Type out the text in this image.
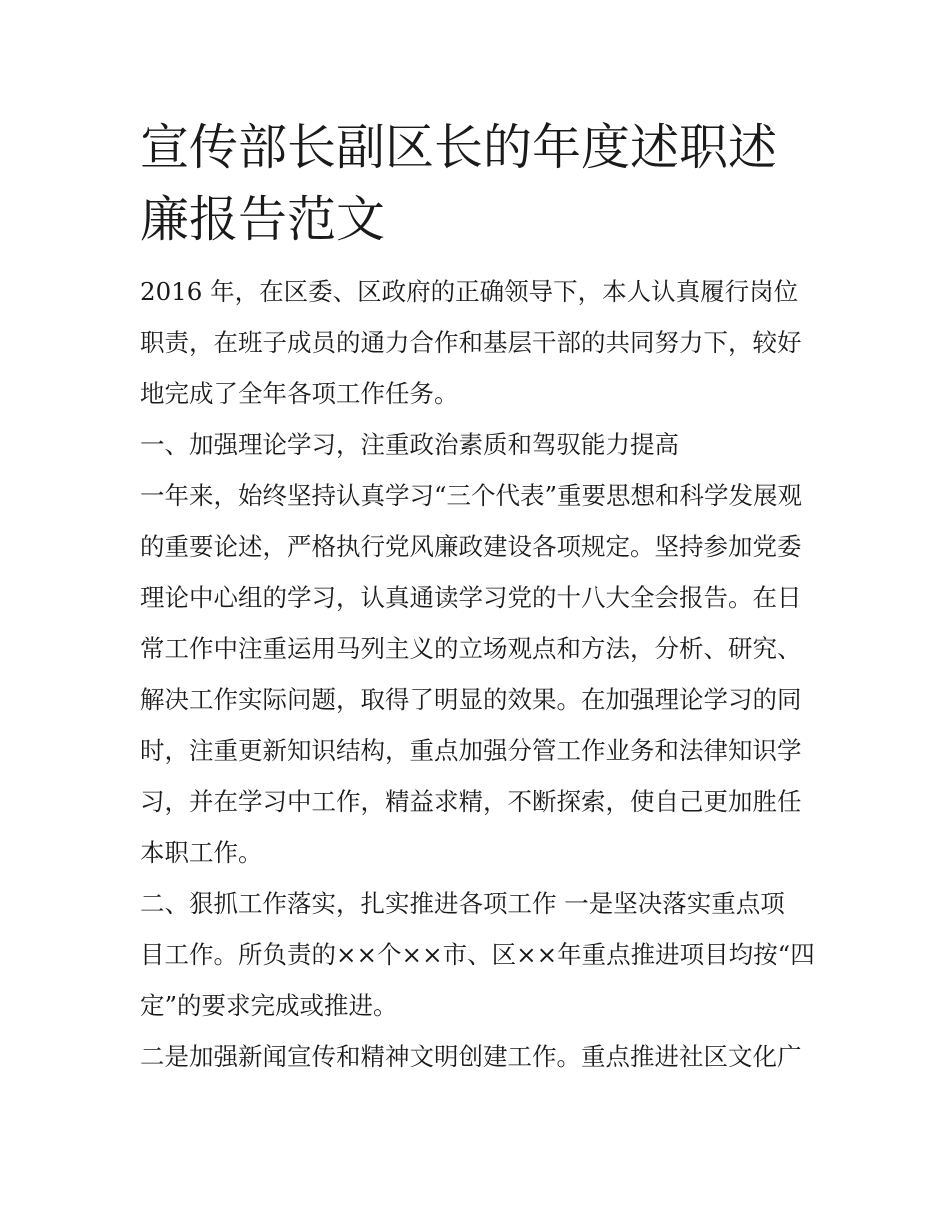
宣传部长副区长的年度述职述
廉报告范文
2016 年，在区委、区政府的正确领导下，本人认真履行岗位
职责，在班子成员的通力合作和基层干部的共同努力下，较好
地完成了全年各项工作任务。
一、加强理论学习，注重政治素质和驾驭能力提高
一年来，始终坚持认真学习“三个代表”重要思想和科学发展观
的重要论述，严格执行党风廉政建设各项规定。坚持参加党委
理论中心组的学习，认真通读学习党的十八大全会报告。在日
常工作中注重运用马列主义的立场观点和方法，分析、研究、
解决工作实际问题，取得了明显的效果。在加强理论学习的同
时，注重更新知识结构，重点加强分管工作业务和法律知识学
习，并在学习中工作，精益求精，不断探索，使自己更加胜任
本职工作。
二、狠抓工作落实，扎实推进各项工作 一是坚决落实重点项
目工作。所负责的××个××市、区××年重点推进项目均按“四
定”的要求完成或推进。
二是加强新闻宣传和精神文明创建工作。重点推进社区文化广
